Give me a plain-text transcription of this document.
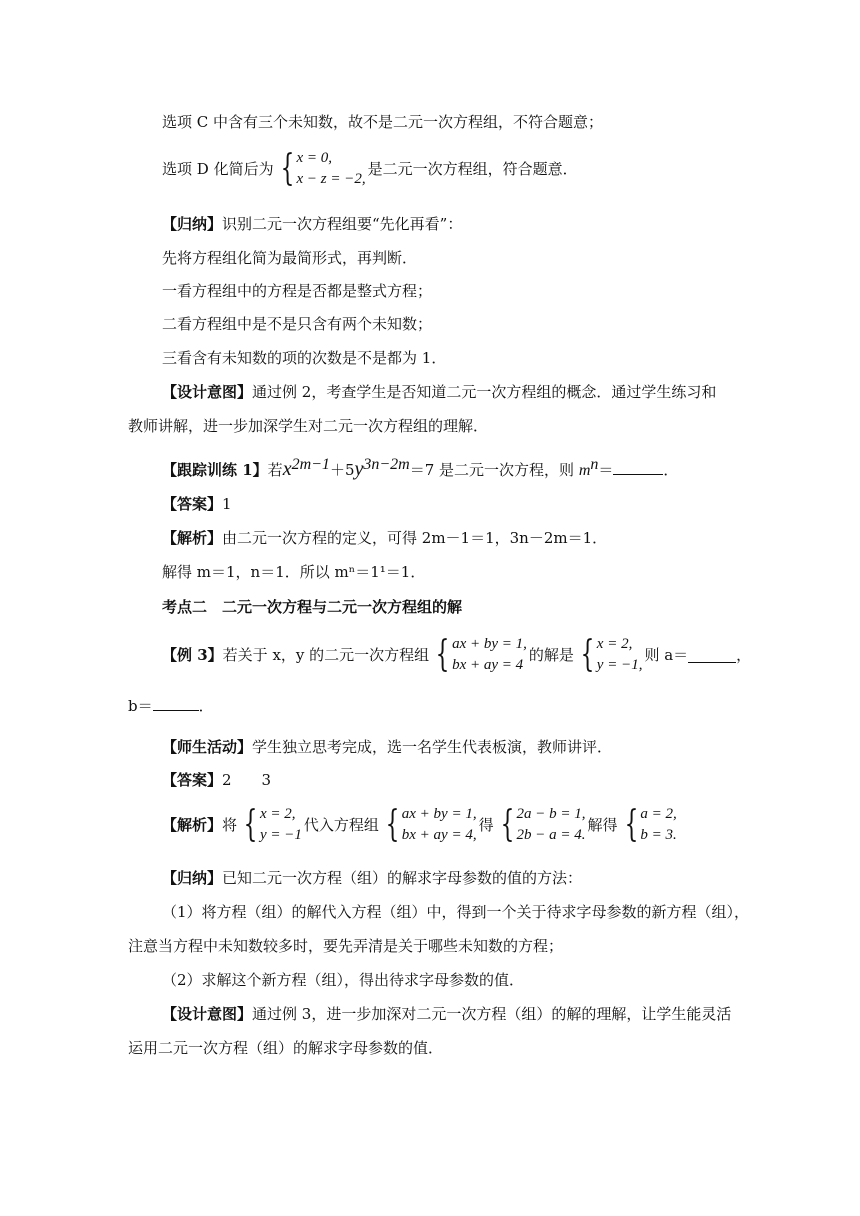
选项 C 中含有三个未知数，故不是二元一次方程组，不符合题意；
选项 D 化简后为 { x = 0,
x − z = −2,
是二元一次方程组，符合题意．
【归纳】识别二元一次方程组要“先化再看”：
先将方程组化简为最简形式，再判断．
一看方程组中的方程是否都是整式方程；
二看方程组中是不是只含有两个未知数；
三看含有未知数的项的次数是不是都为 1．
【设计意图】通过例 2，考查学生是否知道二元一次方程组的概念．通过学生练习和
教师讲解，进一步加深学生对二元一次方程组的理解．
【跟踪训练 1】若$x^{2m-1}+5y^{3n-2m}=7$ 是二元一次方程，则 $m^n=$	．
【答案】1
【解析】由二元一次方程的定义，可得 2m－1＝1，3n－2m＝1．
解得 m＝1，n＝1．所以 mⁿ＝1¹＝1．
考点二　二元一次方程与二元一次方程组的解
【例 3】若关于 x，y 的二元一次方程组 { ax + by = 1,
bx + ay = 4
的解是 { x = 2,
y = −1,
则 a＝	，
b＝	．
【师生活动】学生独立思考完成，选一名学生代表板演，教师讲评．
【答案】2　　3
【解析】将 { x = 2,
y = −1
代入方程组 { ax + by = 1,
bx + ay = 4,
得 { 2a − b = 1,
2b − a = 4.
解得 { a = 2,
b = 3.
【归纳】已知二元一次方程（组）的解求字母参数的值的方法：
（1）将方程（组）的解代入方程（组）中，得到一个关于待求字母参数的新方程（组），
注意当方程中未知数较多时，要先弄清是关于哪些未知数的方程；
（2）求解这个新方程（组），得出待求字母参数的值．
【设计意图】通过例 3，进一步加深对二元一次方程（组）的解的理解，让学生能灵活
运用二元一次方程（组）的解求字母参数的值．
